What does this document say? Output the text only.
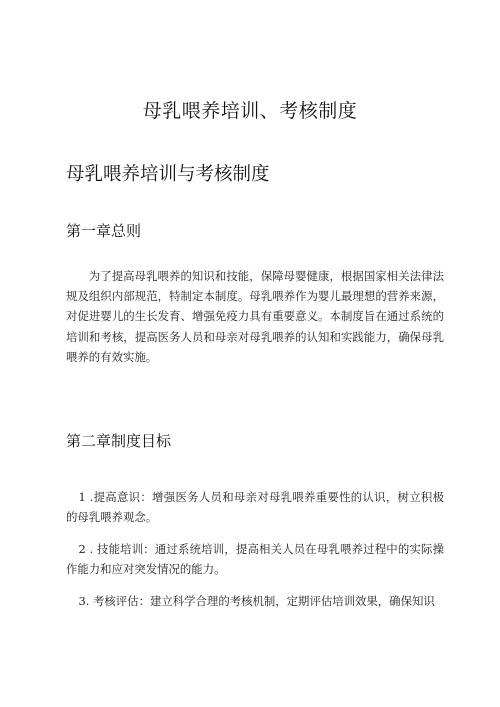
母乳喂养培训、考核制度
母乳喂养培训与考核制度
第一章总则

为了提高母乳喂养的知识和技能，保障母婴健康，根据国家相关法律法规及组织内部规范，特制定本制度。母乳喂养作为婴儿最理想的营养来源，对促进婴儿的生长发育、增强免疫力具有重要意义。本制度旨在通过系统的培训和考核，提高医务人员和母亲对母乳喂养的认知和实践能力，确保母乳喂养的有效实施。

第二章制度目标

1 .提高意识：增强医务人员和母亲对母乳喂养重要性的认识，树立积极的母乳喂养观念。

2 . 技能培训：通过系统培训，提高相关人员在母乳喂养过程中的实际操作能力和应对突发情况的能力。

3. 考核评估：建立科学合理的考核机制，定期评估培训效果，确保知识
